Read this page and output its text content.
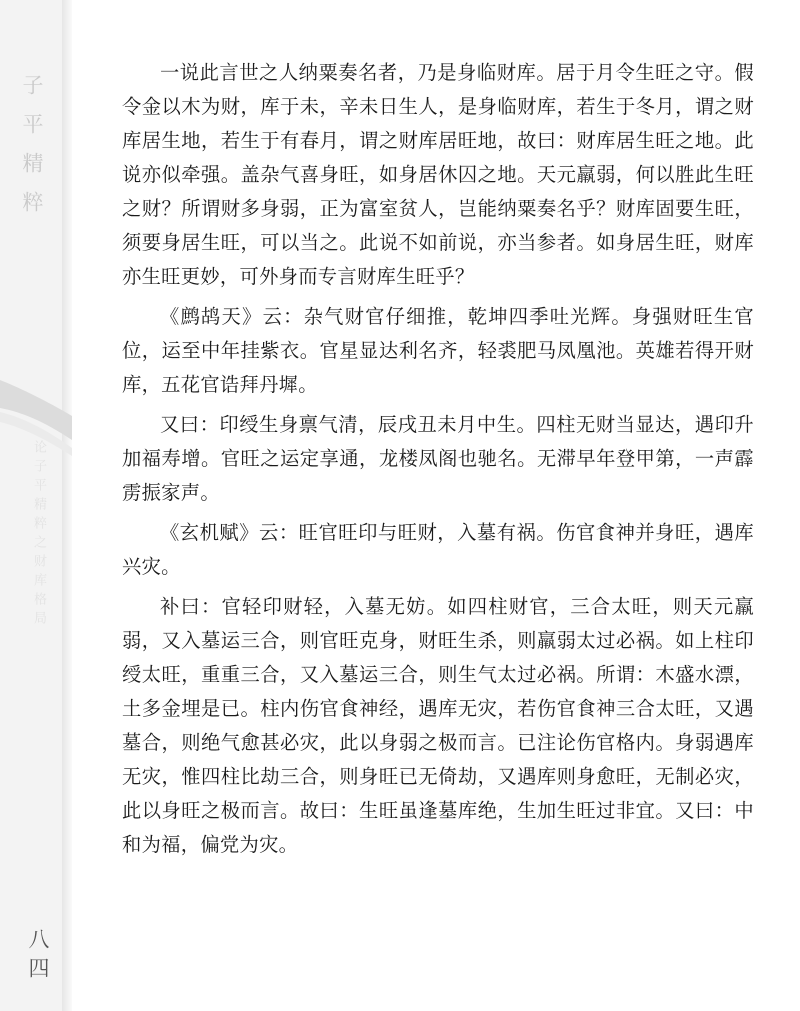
子平精粹
论子平精粹之财库格局
八四

一说此言世之人纳粟奏名者，乃是身临财库。居于月令生旺之守。假令金以木为财，库于未，辛未日生人，是身临财库，若生于冬月，谓之财库居生地，若生于有春月，谓之财库居旺地，故曰：财库居生旺之地。此说亦似牵强。盖杂气喜身旺，如身居休囚之地。天元羸弱，何以胜此生旺之财？所谓财多身弱，正为富室贫人，岂能纳粟奏名乎？财库固要生旺，须要身居生旺，可以当之。此说不如前说，亦当参者。如身居生旺，财库亦生旺更妙，可外身而专言财库生旺乎？

《鹧鸪天》云：杂气财官仔细推，乾坤四季吐光辉。身强财旺生官位，运至中年挂紫衣。官星显达利名齐，轻裘肥马凤凰池。英雄若得开财库，五花官诰拜丹墀。

又曰：印绶生身禀气清，辰戌丑未月中生。四柱无财当显达，遇印升加福寿增。官旺之运定享通，龙楼凤阁也驰名。无滞早年登甲第，一声霹雳振家声。

《玄机赋》云：旺官旺印与旺财，入墓有祸。伤官食神并身旺，遇库兴灾。

补曰：官轻印财轻，入墓无妨。如四柱财官，三合太旺，则天元羸弱，又入墓运三合，则官旺克身，财旺生杀，则羸弱太过必祸。如上柱印绶太旺，重重三合，又入墓运三合，则生气太过必祸。所谓：木盛水漂，土多金埋是已。柱内伤官食神经，遇库无灾，若伤官食神三合太旺，又遇墓合，则绝气愈甚必灾，此以身弱之极而言。已注论伤官格内。身弱遇库无灾，惟四柱比劫三合，则身旺已无倚劫，又遇库则身愈旺，无制必灾，此以身旺之极而言。故曰：生旺虽逢墓库绝，生加生旺过非宜。又曰：中和为福，偏党为灾。
